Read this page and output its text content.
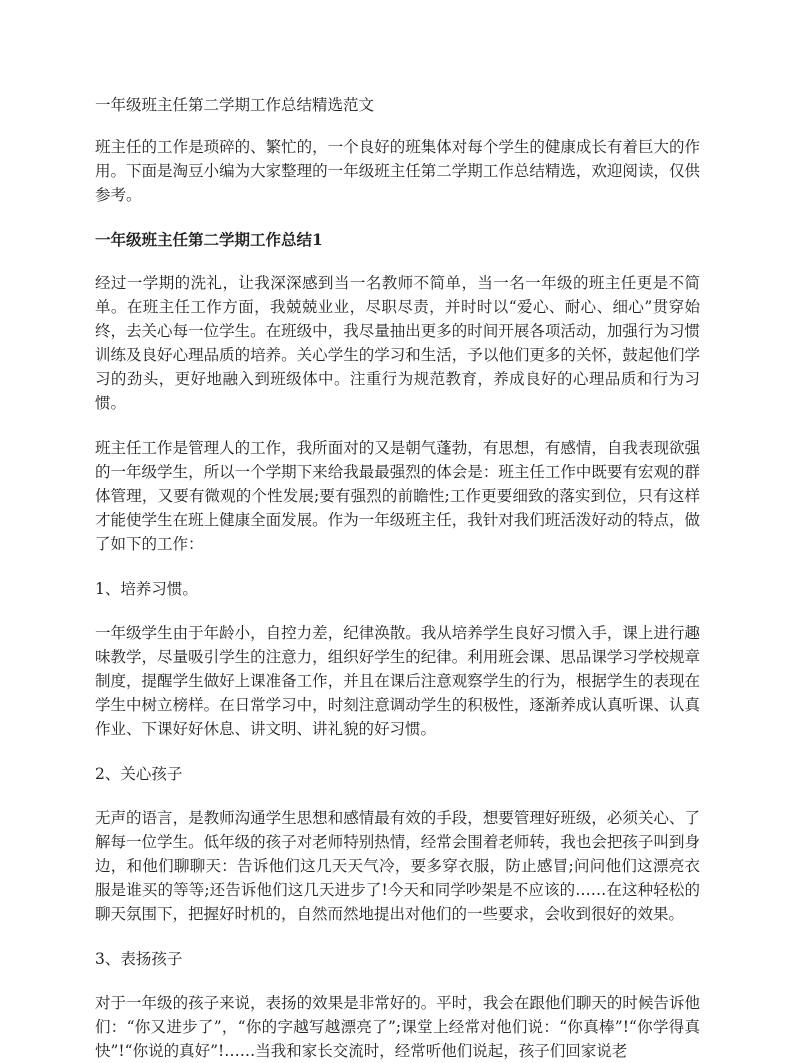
一年级班主任第二学期工作总结精选范文

班主任的工作是琐碎的、繁忙的，一个良好的班集体对每个学生的健康成长有着巨大的作用。下面是淘豆小编为大家整理的一年级班主任第二学期工作总结精选，欢迎阅读，仅供参考。

一年级班主任第二学期工作总结1

经过一学期的洗礼，让我深深感到当一名教师不简单，当一名一年级的班主任更是不简单。在班主任工作方面，我兢兢业业，尽职尽责，并时时以“爱心、耐心、细心”贯穿始终，去关心每一位学生。在班级中，我尽量抽出更多的时间开展各项活动，加强行为习惯训练及良好心理品质的培养。关心学生的学习和生活，予以他们更多的关怀，鼓起他们学习的劲头，更好地融入到班级体中。注重行为规范教育，养成良好的心理品质和行为习惯。

班主任工作是管理人的工作，我所面对的又是朝气蓬勃，有思想，有感情，自我表现欲强的一年级学生，所以一个学期下来给我最最强烈的体会是：班主任工作中既要有宏观的群体管理，又要有微观的个性发展;要有强烈的前瞻性;工作更要细致的落实到位，只有这样才能使学生在班上健康全面发展。作为一年级班主任，我针对我们班活泼好动的特点，做了如下的工作：

1、培养习惯。

一年级学生由于年龄小，自控力差，纪律涣散。我从培养学生良好习惯入手，课上进行趣味教学，尽量吸引学生的注意力，组织好学生的纪律。利用班会课、思品课学习学校规章制度，提醒学生做好上课准备工作，并且在课后注意观察学生的行为，根据学生的表现在学生中树立榜样。在日常学习中，时刻注意调动学生的积极性，逐渐养成认真听课、认真作业、下课好好休息、讲文明、讲礼貌的好习惯。

2、关心孩子

无声的语言，是教师沟通学生思想和感情最有效的手段，想要管理好班级，必须关心、了解每一位学生。低年级的孩子对老师特别热情，经常会围着老师转，我也会把孩子叫到身边，和他们聊聊天：告诉他们这几天天气冷，要多穿衣服，防止感冒;问问他们这漂亮衣服是谁买的等等;还告诉他们这几天进步了!今天和同学吵架是不应该的……在这种轻松的聊天氛围下，把握好时机的，自然而然地提出对他们的一些要求，会收到很好的效果。

3、表扬孩子

对于一年级的孩子来说，表扬的效果是非常好的。平时，我会在跟他们聊天的时候告诉他们：“你又进步了”，“你的字越写越漂亮了”;课堂上经常对他们说：“你真棒”!“你学得真快”!“你说的真好”!……当我和家长交流时，经常听他们说起，孩子们回家说老
